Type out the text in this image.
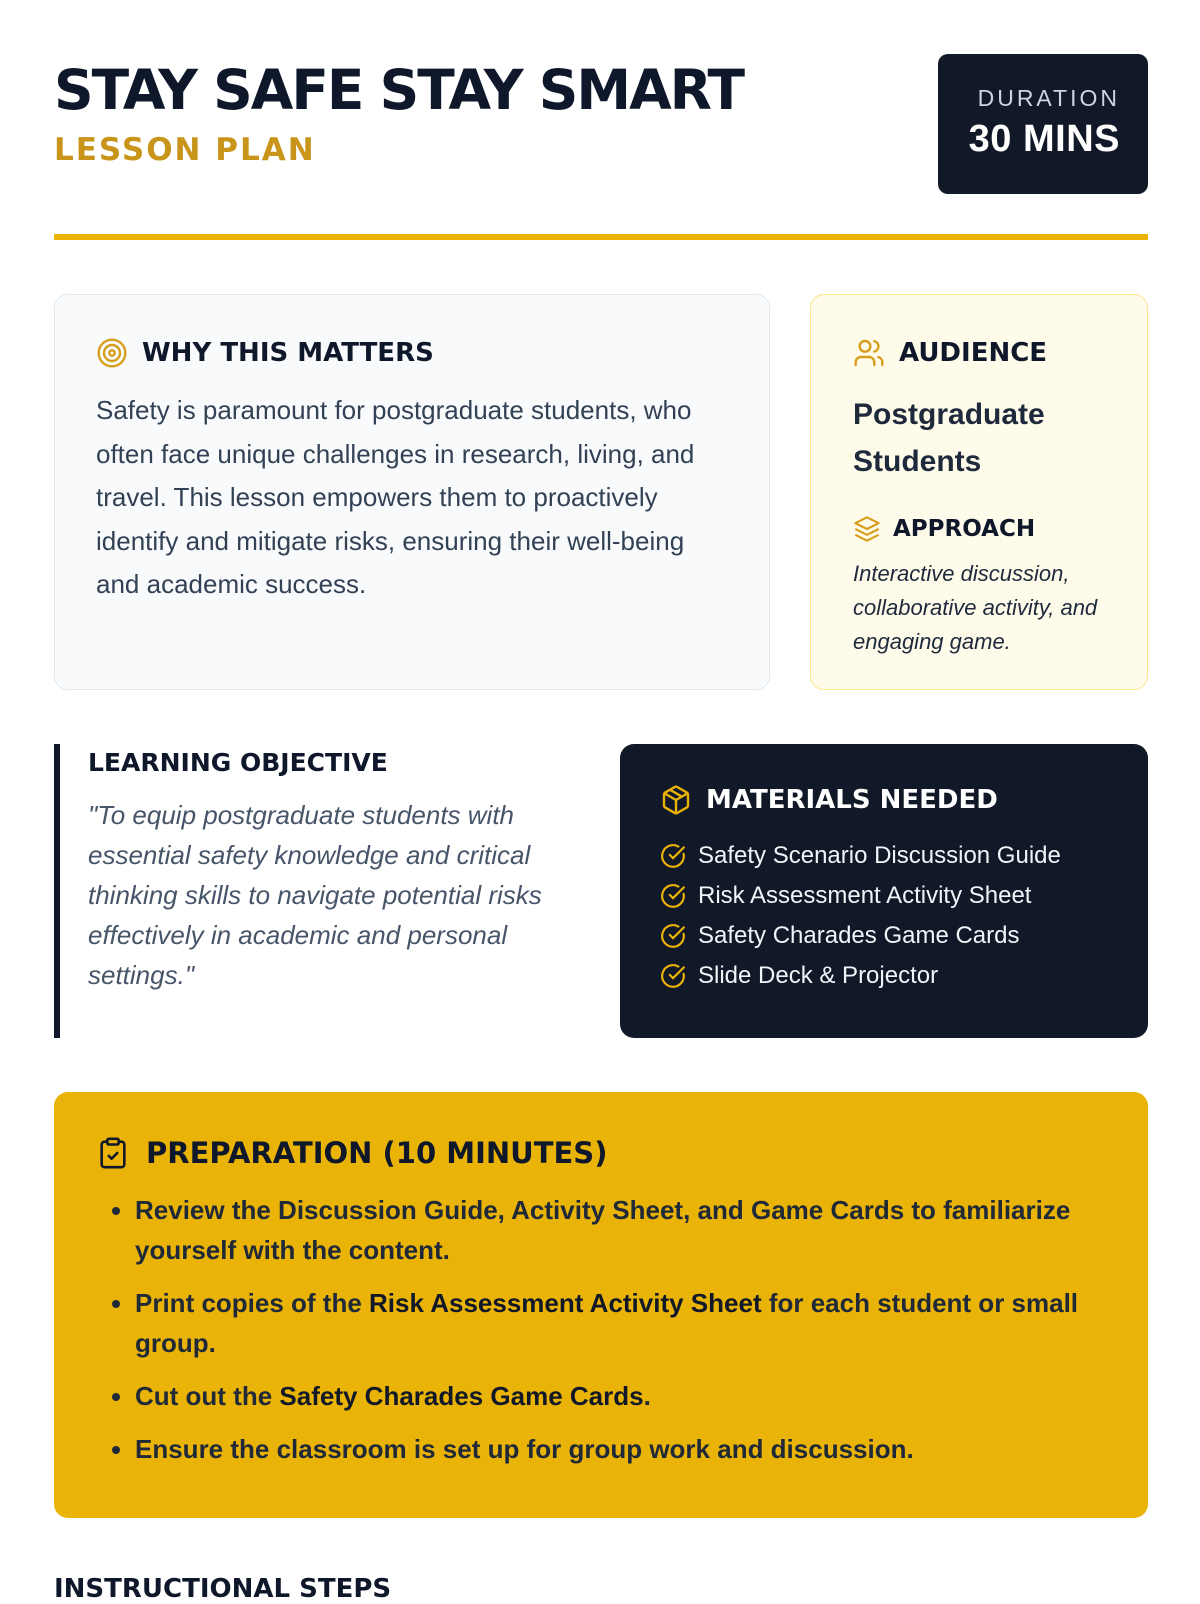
STAY SAFE STAY SMART
LESSON PLAN
DURATION
30 MINS
WHY THIS MATTERS
Safety is paramount for postgraduate students, who often face unique challenges in research, living, and travel. This lesson empowers them to proactively identify and mitigate risks, ensuring their well-being and academic success.
AUDIENCE
Postgraduate Students
APPROACH
Interactive discussion, collaborative activity, and engaging game.
LEARNING OBJECTIVE
"To equip postgraduate students with essential safety knowledge and critical thinking skills to navigate potential risks effectively in academic and personal settings."
MATERIALS NEEDED
Safety Scenario Discussion Guide
Risk Assessment Activity Sheet
Safety Charades Game Cards
Slide Deck & Projector
PREPARATION (10 MINUTES)
• Review the Discussion Guide, Activity Sheet, and Game Cards to familiarize yourself with the content.
• Print copies of the Risk Assessment Activity Sheet for each student or small group.
• Cut out the Safety Charades Game Cards.
• Ensure the classroom is set up for group work and discussion.
INSTRUCTIONAL STEPS
